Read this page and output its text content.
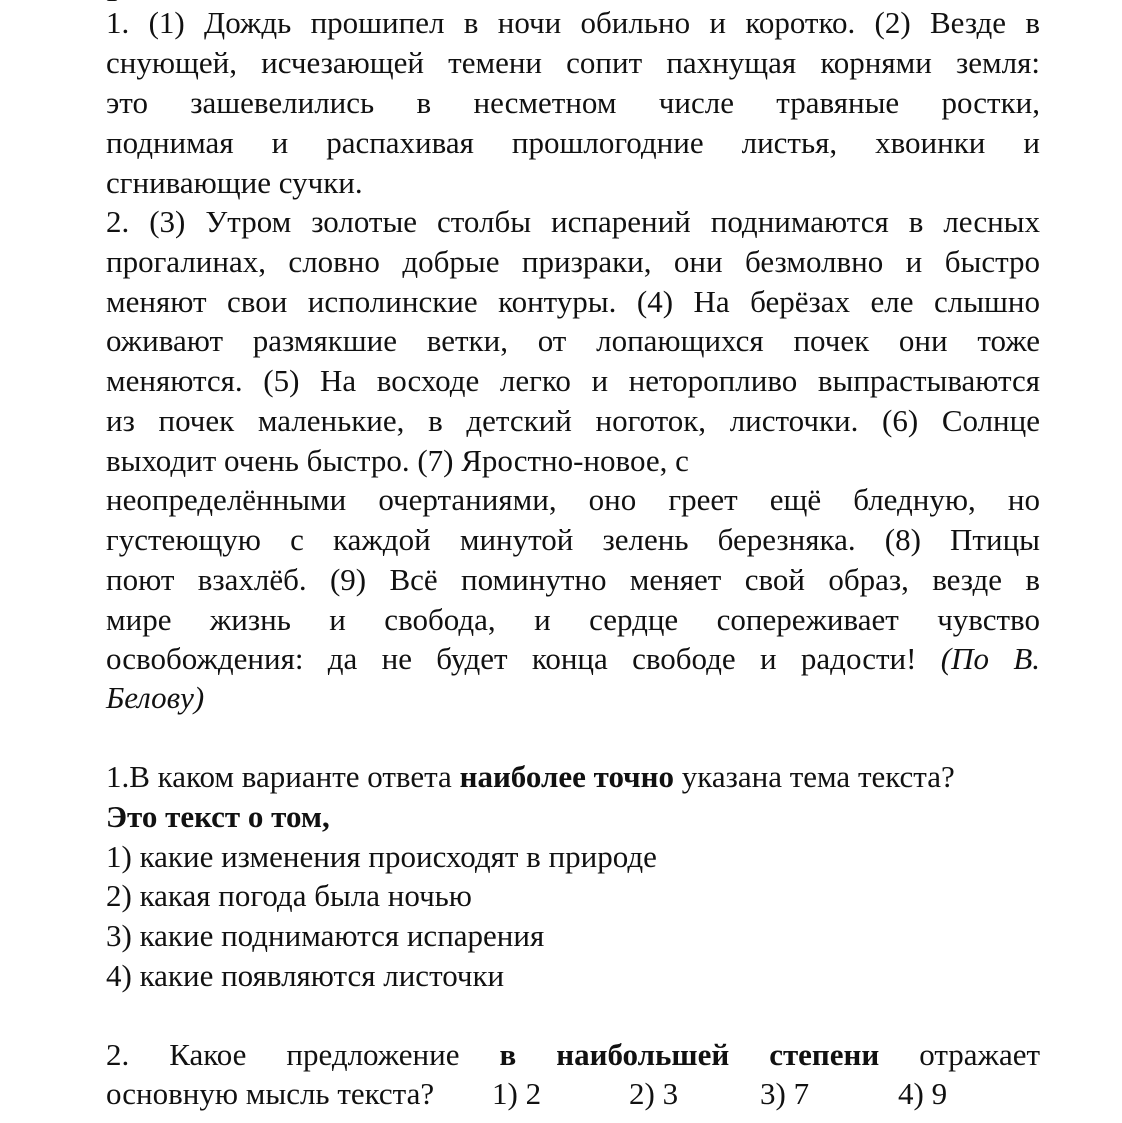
1. (1) Дождь прошипел в ночи обильно и коротко. (2) Везде в
снующей, исчезающей темени сопит пахнущая корнями земля:
это зашевелились в несметном числе травяные ростки,
поднимая и распахивая прошлогодние листья, хвоинки и
сгнивающие сучки.
2. (3) Утром золотые столбы испарений поднимаются в лесных
прогалинах, словно добрые призраки, они безмолвно и быстро
меняют свои исполинские контуры. (4) На берёзах еле слышно
оживают размякшие ветки, от лопающихся почек они тоже
меняются. (5) На восходе легко и неторопливо выпрастываются
из почек маленькие, в детский ноготок, листочки. (6) Солнце
выходит очень быстро. (7) Яростно-новое, с
неопределёнными очертаниями, оно греет ещё бледную, но
густеющую с каждой минутой зелень березняка. (8) Птицы
поют взахлёб. (9) Всё поминутно меняет свой образ, везде в
мире жизнь и свобода, и сердце сопереживает чувство
освобождения: да не будет конца свободе и радости! (По В.
Белову)
1.В каком варианте ответа наиболее точно указана тема текста?
Это текст о том,
1) какие изменения происходят в природе
2) какая погода была ночью
3) какие поднимаются испарения
4) какие появляются листочки
2. Какое предложение в наибольшей степени отражает
основную мысль текста? 1) 2	2) 3	3) 7	4) 9
